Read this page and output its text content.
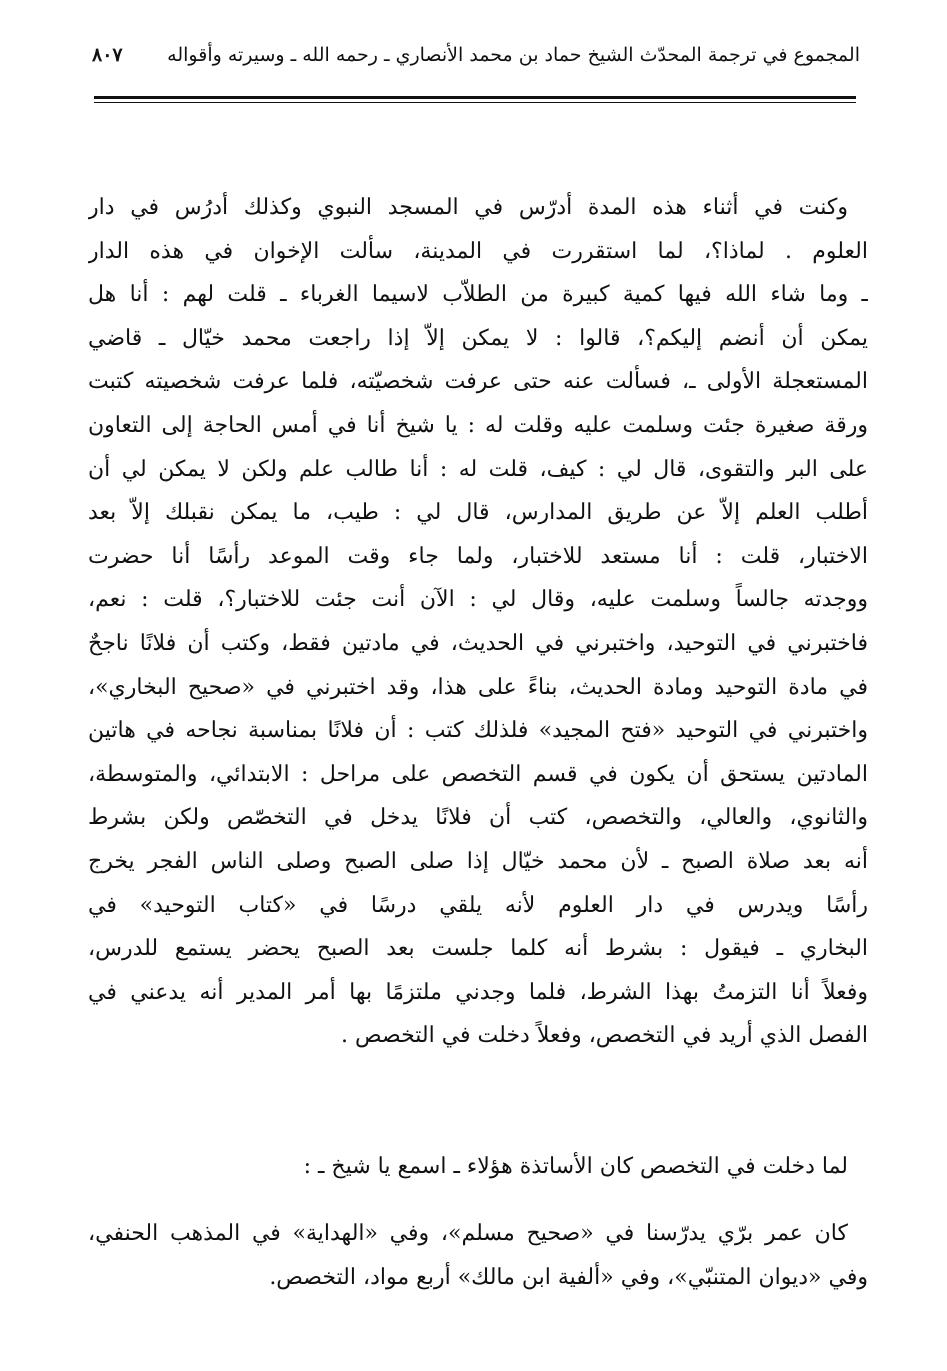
المجموع في ترجمة المحدّث الشيخ حماد بن محمد الأنصاري ـ رحمه الله ـ وسيرته وأقواله
٨٠٧
وكنت في أثناء هذه المدة أدرّس في المسجد النبوي وكذلك أدرُس في دار
العلوم . لماذا؟، لما استقررت في المدينة، سألت الإخوان في هذه الدار
ـ وما شاء الله فيها كمية كبيرة من الطلاّب لاسيما الغرباء ـ قلت لهم : أنا هل
يمكن أن أنضم إليكم؟، قالوا : لا يمكن إلاّ إذا راجعت محمد خيّال ـ قاضي
المستعجلة الأولى ـ، فسألت عنه حتى عرفت شخصيّته، فلما عرفت شخصيته كتبت
ورقة صغيرة جئت وسلمت عليه وقلت له : يا شيخ أنا في أمس الحاجة إلى التعاون
على البر والتقوى، قال لي : كيف، قلت له : أنا طالب علم ولكن لا يمكن لي أن
أطلب العلم إلاّ عن طريق المدارس، قال لي : طيب، ما يمكن نقبلك إلاّ بعد
الاختبار، قلت : أنا مستعد للاختبار، ولما جاء وقت الموعد رأسًا أنا حضرت
ووجدته جالساً وسلمت عليه، وقال لي : الآن أنت جئت للاختبار؟، قلت : نعم،
فاختبرني في التوحيد، واختبرني في الحديث، في مادتين فقط، وكتب أن فلانًا ناجحٌ
في مادة التوحيد ومادة الحديث، بناءً على هذا، وقد اختبرني في «صحيح البخاري»،
واختبرني في التوحيد «فتح المجيد» فلذلك كتب : أن فلانًا بمناسبة نجاحه في هاتين
المادتين يستحق أن يكون في قسم التخصص على مراحل : الابتدائي، والمتوسطة،
والثانوي، والعالي، والتخصص، كتب أن فلانًا يدخل في التخصّص ولكن بشرط
أنه بعد صلاة الصبح ـ لأن محمد خيّال إذا صلى الصبح وصلى الناس الفجر يخرج
رأسًا ويدرس في دار العلوم لأنه يلقي درسًا في «كتاب التوحيد» في
البخاري ـ فيقول : بشرط أنه كلما جلست بعد الصبح يحضر يستمع للدرس،
وفعلاً أنا التزمتُ بهذا الشرط، فلما وجدني ملتزمًا بها أمر المدير أنه يدعني في
الفصل الذي أريد في التخصص، وفعلاً دخلت في التخصص .
لما دخلت في التخصص كان الأساتذة هؤلاء ـ اسمع يا شيخ ـ :
كان عمر برّي يدرّسنا في «صحيح مسلم»، وفي «الهداية» في المذهب الحنفي،
وفي «ديوان المتنبّي»، وفي «ألفية ابن مالك» أربع مواد، التخصص.
